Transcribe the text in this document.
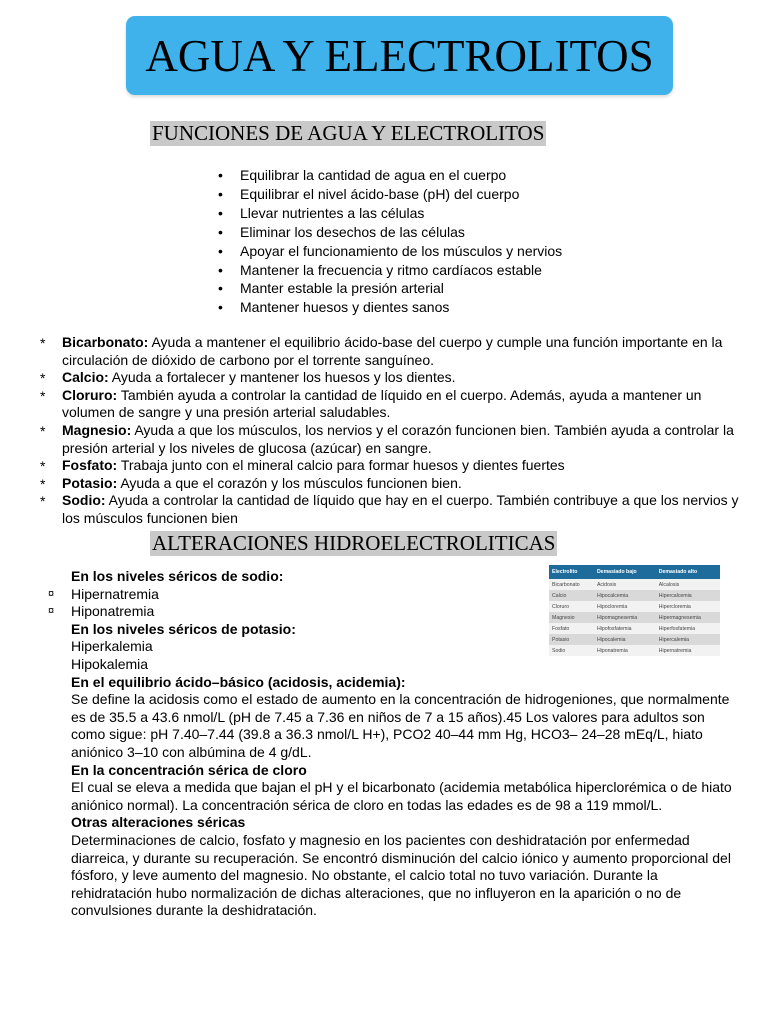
AGUA Y ELECTROLITOS
FUNCIONES DE AGUA Y ELECTROLITOS
• Equilibrar la cantidad de agua en el cuerpo
• Equilibrar el nivel ácido-base (pH) del cuerpo
• Llevar nutrientes a las células
• Eliminar los desechos de las células
• Apoyar el funcionamiento de los músculos y nervios
• Mantener la frecuencia y ritmo cardíacos estable
• Manter estable la presión arterial
• Mantener huesos y dientes sanos
* Bicarbonato: Ayuda a mantener el equilibrio ácido-base del cuerpo y cumple una función importante en la circulación de dióxido de carbono por el torrente sanguíneo.
* Calcio: Ayuda a fortalecer y mantener los huesos y los dientes.
* Cloruro: También ayuda a controlar la cantidad de líquido en el cuerpo. Además, ayuda a mantener un volumen de sangre y una presión arterial saludables.
* Magnesio: Ayuda a que los músculos, los nervios y el corazón funcionen bien. También ayuda a controlar la presión arterial y los niveles de glucosa (azúcar) en sangre.
* Fosfato: Trabaja junto con el mineral calcio para formar huesos y dientes fuertes
* Potasio: Ayuda a que el corazón y los músculos funcionen bien.
* Sodio: Ayuda a controlar la cantidad de líquido que hay en el cuerpo. También contribuye a que los nervios y los músculos funcionen bien
ALTERACIONES HIDROELECTROLITICAS
En los niveles séricos de sodio:
¤ Hipernatremia
¤ Hiponatremia
En los niveles séricos de potasio:
Hiperkalemia
Hipokalemia
En el equilibrio ácido–básico (acidosis, acidemia):
Se define la acidosis como el estado de aumento en la concentración de hidrogeniones, que normalmente es de 35.5 a 43.6 nmol/L (pH de 7.45 a 7.36 en niños de 7 a 15 años).45 Los valores para adultos son como sigue: pH 7.40–7.44 (39.8 a 36.3 nmol/L H+), PCO2 40–44 mm Hg, HCO3– 24–28 mEq/L, hiato aniónico 3–10 con albúmina de 4 g/dL.
En la concentración sérica de cloro
El cual se eleva a medida que bajan el pH y el bicarbonato (acidemia metabólica hiperclorémica o de hiato aniónico normal). La concentración sérica de cloro en todas las edades es de 98 a 119 mmol/L.
Otras alteraciones séricas
Determinaciones de calcio, fosfato y magnesio en los pacientes con deshidratación por enfermedad diarreica, y durante su recuperación. Se encontró disminución del calcio iónico y aumento proporcional del fósforo, y leve aumento del magnesio. No obstante, el calcio total no tuvo variación. Durante la rehidratación hubo normalización de dichas alteraciones, que no influyeron en la aparición o no de convulsiones durante la deshidratación.
Electrolito	Demasiado bajo	Demasiado alto
Bicarbonato	Acidosis	Alcalosis
Calcio	Hipocalcemia	Hipercalcemia
Cloruro	Hipocloremia	Hipercloremia
Magnesio	Hipomagnesemia	Hipermagnesemia
Fosfato	Hipofosfatemia	Hiperfosfatemia
Potasio	Hipocalemia	Hipercalemia
Sodio	Hiponatremia	Hipernatremia
